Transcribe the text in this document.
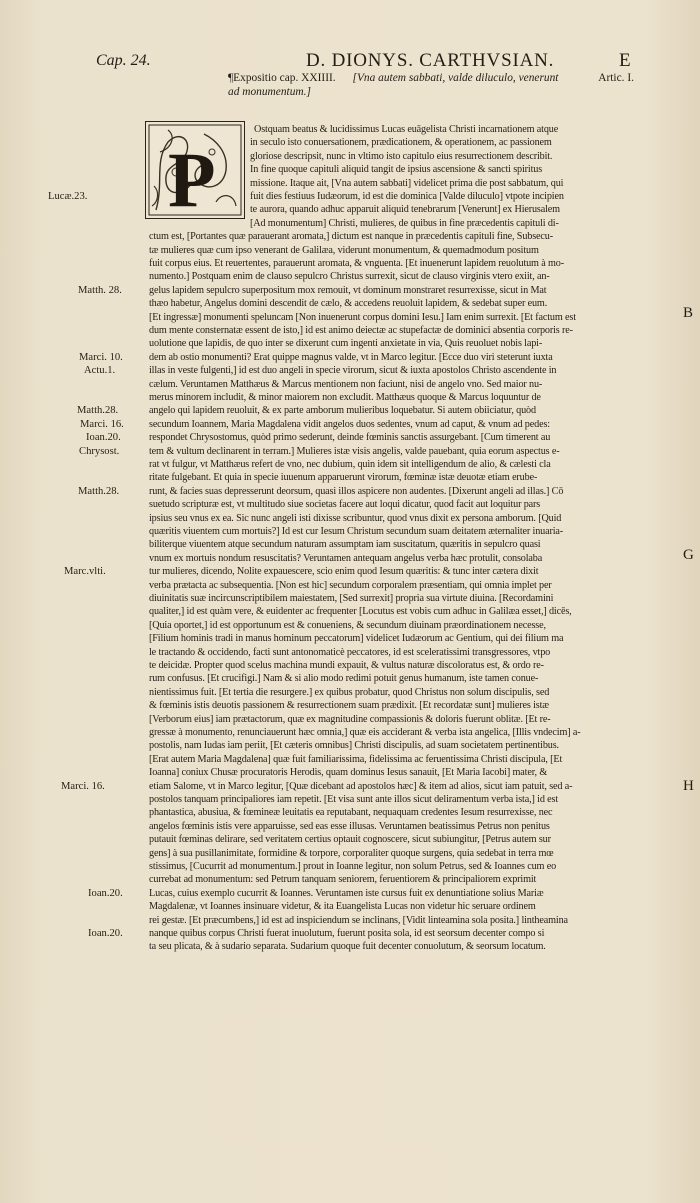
Cap. 24.	D. DIONYS. CARTHVSIAN.	E
B
G
H
¶Expositio cap. XXIIII. [Vna autem sabbati, valde diluculo, venerunt
ad monumentum.]
Artic. I.
P
Lucæ.23.
Matth. 28.
Marci. 10.
Actu.1.
Matth.28.
Marci. 16.
Ioan.20.
Chrysost.
Matth.28.
Marc.vlti.
Marci. 16.
Ioan.20.
Ioan.20.
Ostquam beatus & lucidissimus Lucas euāgelista Christi incarnationem atque
in seculo isto conuersationem, prædicationem, & operationem, ac passionem
gloriose descripsit, nunc in vltimo isto capitulo eius resurrectionem describit.
In fine quoque capituli aliquid tangit de ipsius ascensione & sancti spiritus
missione. Itaque ait, [Vna autem sabbati] videlicet prima die post sabbatum, qui
fuit dies festiuus Iudæorum, id est die dominica [Valde diluculo] vtpote incipien
te aurora, quando adhuc apparuit aliquid tenebrarum [Venerunt] ex Hierusalem
[Ad monumentum] Christi, mulieres, de quibus in fine præcedentis capituli di-
ctum est, [Portantes quæ parauerant aromata,] dictum est nanque in præcedentis capituli fine, Subsecu-
tæ mulieres quæ cum ipso venerant de Galilæa, viderunt monumentum, & quemadmodum positum
fuit corpus eius. Et reuertentes, parauerunt aromata, & vnguenta. [Et inuenerunt lapidem reuolutum à mo-
numento.] Postquam enim de clauso sepulcro Christus surrexit, sicut de clauso virginis vtero exiit, an-
gelus lapidem sepulcro superpositum mox remouit, vt dominum monstraret resurrexisse, sicut in Mat
thæo habetur, Angelus domini descendit de cælo, & accedens reuoluit lapidem, & sedebat super eum.
[Et ingressæ] monumenti speluncam [Non inuenerunt corpus domini Iesu.] Iam enim surrexit. [Et factum est
dum mente consternatæ essent de isto,] id est animo deiectæ ac stupefactæ de dominici absentia corporis re-
uolutione que lapidis, de quo inter se dixerunt cum ingenti anxietate in via, Quis reuoluet nobis lapi-
dem ab ostio monumenti? Erat quippe magnus valde, vt in Marco legitur. [Ecce duo viri steterunt iuxta
illas in veste fulgenti,] id est duo angeli in specie virorum, sicut & iuxta apostolos Christo ascendente in
cælum. Veruntamen Matthæus & Marcus mentionem non faciunt, nisi de angelo vno. Sed maior nu-
merus minorem includit, & minor maiorem non excludit. Matthæus quoque & Marcus loquuntur de
angelo qui lapidem reuoluit, & ex parte amborum mulieribus loquebatur. Si autem obiiciatur, quòd
secundum Ioannem, Maria Magdalena vidit angelos duos sedentes, vnum ad caput, & vnum ad pedes:
respondet Chrysostomus, quòd primo sederunt, deinde fœminis sanctis assurgebant. [Cum timerent au
tem & vultum declinarent in terram.] Mulieres istæ visis angelis, valde pauebant, quia eorum aspectus e-
rat vt fulgur, vt Matthæus refert de vno, nec dubium, quin idem sit intelligendum de alio, & cælesti cla
ritate fulgebant. Et quia in specie iuuenum apparuerunt virorum, fœminæ istæ deuotæ etiam erube-
runt, & facies suas depresserunt deorsum, quasi illos aspicere non audentes. [Dixerunt angeli ad illas.] Cō
suetudo scripturæ est, vt multitudo siue societas facere aut loqui dicatur, quod facit aut loquitur pars
ipsius seu vnus ex ea. Sic nunc angeli isti dixisse scribuntur, quod vnus dixit ex persona amborum. [Quid
quæritis viuentem cum mortuis?] Id est cur Iesum Christum secundum suam deitatem æternaliter inuaria-
biliterque viuentem atque secundum naturam assumptam iam suscitatum, quæritis in sepulcro quasi
vnum ex mortuis nondum resuscitatis? Veruntamen antequam angelus verba hæc protulit, consolaba
tur mulieres, dicendo, Nolite expauescere, scio enim quod Iesum quæritis: & tunc inter cætera dixit
verba prætacta ac subsequentia. [Non est hic] secundum corporalem præsentiam, qui omnia implet per
diuinitatis suæ incircunscriptibilem maiestatem, [Sed surrexit] propria sua virtute diuina. [Recordamini
qualiter,] id est quàm vere, & euidenter ac frequenter [Locutus est vobis cum adhuc in Galilæa esset,] dicēs,
[Quia oportet,] id est opportunum est & conueniens, & secundum diuinam præordinationem necesse,
[Filium hominis tradi in manus hominum peccatorum] videlicet Iudæorum ac Gentium, qui dei filium ma
le tractando & occidendo, facti sunt antonomaticè peccatores, id est sceleratissimi transgressores, vtpo
te deicidæ. Propter quod scelus machina mundi expauit, & vultus naturæ discoloratus est, & ordo re-
rum confusus. [Et crucifigi.] Nam & si alio modo redimi potuit genus humanum, iste tamen conue-
nientissimus fuit. [Et tertia die resurgere.] ex quibus probatur, quod Christus non solum discipulis, sed
& fœminis istis deuotis passionem & resurrectionem suam prædixit. [Et recordatæ sunt] mulieres istæ
[Verborum eius] iam prætactorum, quæ ex magnitudine compassionis & doloris fuerunt oblitæ. [Et re-
gressæ à monumento, renunciauerunt hæc omnia,] quæ eis acciderant & verba ista angelica, [Illis vndecim] a-
postolis, nam Iudas iam periit, [Et cæteris omnibus] Christi discipulis, ad suam societatem pertinentibus.
[Erat autem Maria Magdalena] quæ fuit familiarissima, fidelissima ac feruentissima Christi discipula, [Et
Ioanna] coniux Chusæ procuratoris Herodis, quam dominus Iesus sanauit, [Et Maria Iacobi] mater, &
etiam Salome, vt in Marco legitur, [Quæ dicebant ad apostolos hæc] & item ad alios, sicut iam patuit, sed a-
postolos tanquam principaliores iam repetit. [Et visa sunt ante illos sicut deliramentum verba ista,] id est
phantastica, abusiua, & fœmineæ leuitatis ea reputabant, nequaquam credentes Iesum resurrexisse, nec
angelos fœminis istis vere apparuisse, sed eas esse illusas. Veruntamen beatissimus Petrus non penitus
putauit fœminas delirare, sed veritatem certius optauit cognoscere, sicut subiungitur, [Petrus autem sur
gens] à sua pusillanimitate, formidine & torpore, corporaliter quoque surgens, quia sedebat in terra mœ
stissimus, [Cucurrit ad monumentum.] prout in Ioanne legitur, non solum Petrus, sed & Ioannes cum eo
currebat ad monumentum: sed Petrum tanquam seniorem, feruentiorem & principaliorem exprimit
Lucas, cuius exemplo cucurrit & Ioannes. Veruntamen iste cursus fuit ex denuntiatione solius Mariæ
Magdalenæ, vt Ioannes insinuare videtur, & ita Euangelista Lucas non videtur hic seruare ordinem
rei gestæ. [Et præcumbens,] id est ad inspiciendum se inclinans, [Vidit linteamina sola posita.] lintheamina
nanque quibus corpus Christi fuerat inuolutum, fuerunt posita sola, id est seorsum decenter compo si
ta seu plicata, & à sudario separata. Sudarium quoque fuit decenter conuolutum, & seorsum locatum.
